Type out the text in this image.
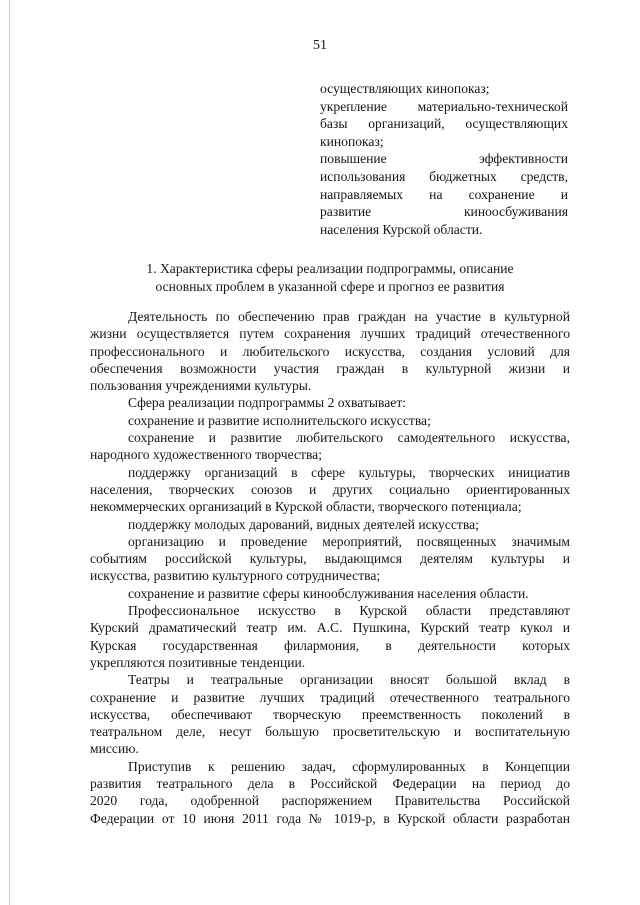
51
осуществляющих кинопоказ;
укрепление материально-технической
базы организаций, осуществляющих
кинопоказ;
повышение эффективности
использования бюджетных средств,
направляемых на сохранение и
развитие киноосбуживания
населения Курской области.
1. Характеристика сферы реализации подпрограммы, описание
основных проблем в указанной сфере и прогноз ее развития
Деятельность по обеспечению прав граждан на участие в культурной
жизни осуществляется путем сохранения лучших традиций отечественного
профессионального и любительского искусства, создания условий для
обеспечения возможности участия граждан в культурной жизни и
пользования учреждениями культуры.
Сфера реализации подпрограммы 2 охватывает:
сохранение и развитие исполнительского искусства;
сохранение и развитие любительского самодеятельного искусства,
народного художественного творчества;
поддержку организаций в сфере культуры, творческих инициатив
населения, творческих союзов и других социально ориентированных
некоммерческих организаций в Курской области, творческого потенциала;
поддержку молодых дарований, видных деятелей искусства;
организацию и проведение мероприятий, посвященных значимым
событиям российской культуры, выдающимся деятелям культуры и
искусства, развитию культурного сотрудничества;
сохранение и развитие сферы кинообслуживания населения области.
Профессиональное искусство в Курской области представляют
Курский драматический театр им. А.С. Пушкина, Курский театр кукол и
Курская государственная филармония, в деятельности которых
укрепляются позитивные тенденции.
Театры и театральные организации вносят большой вклад в
сохранение и развитие лучших традиций отечественного театрального
искусства, обеспечивают творческую преемственность поколений в
театральном деле, несут большую просветительскую и воспитательную
миссию.
Приступив к решению задач, сформулированных в Концепции
развития театрального дела в Российской Федерации на период до
2020 года, одобренной распоряжением Правительства Российской
Федерации от 10 июня 2011 года № 1019-р, в Курской области разработан
